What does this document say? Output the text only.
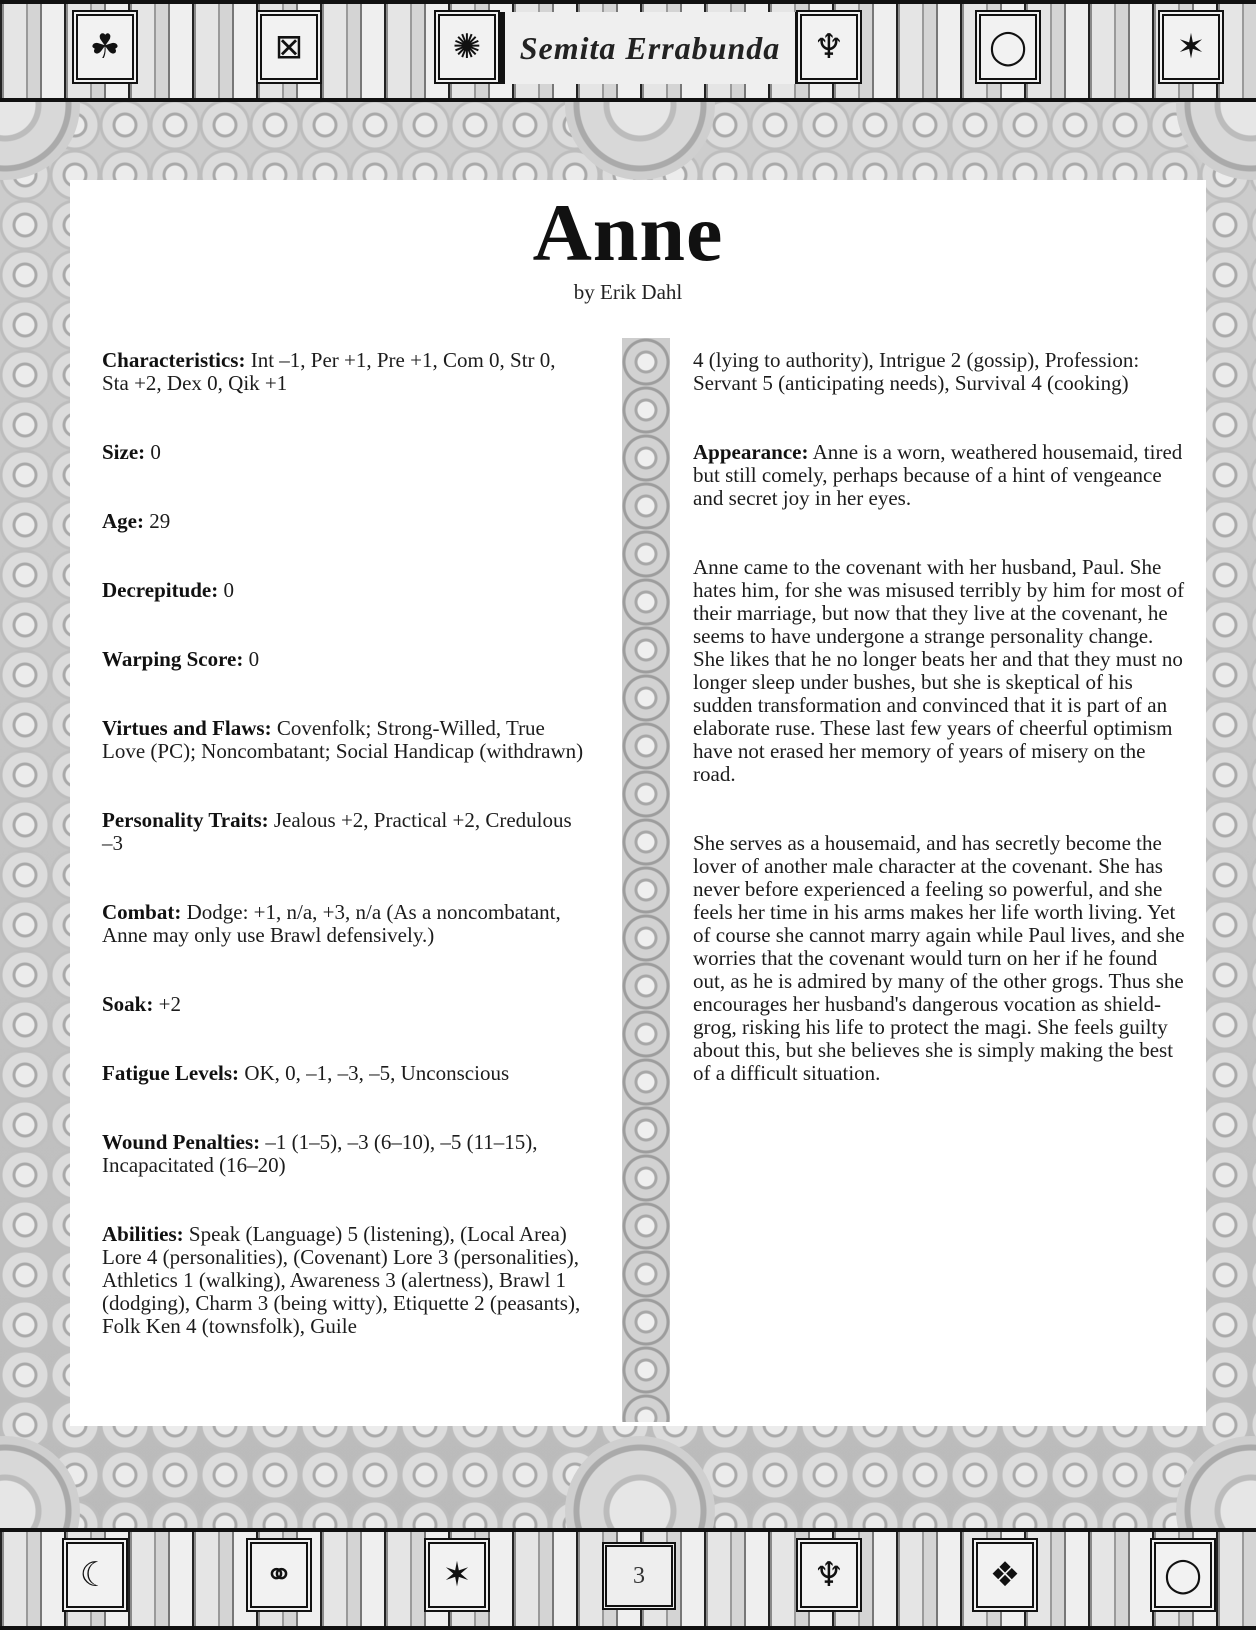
☘	⊠	✺	Semita Errabunda ♆	◯	✶
☾	⚭	✶	3	♆	❖	◯
Anne
by Erik Dahl

Characteristics: Int –1, Per +1, Pre +1, Com 0, Str 0, Sta +2, Dex 0, Qik +1

Size: 0

Age: 29

Decrepitude: 0

Warping Score: 0

Virtues and Flaws: Covenfolk; Strong-Willed, True Love (PC); Noncombatant; Social Handicap (withdrawn)

Personality Traits: Jealous +2, Practical +2, Credulous –3

Combat: Dodge: +1, n/a, +3, n/a (As a noncombatant, Anne may only use Brawl defensively.)

Soak: +2

Fatigue Levels: OK, 0, –1, –3, –5, Unconscious

Wound Penalties: –1 (1–5), –3 (6–10), –5 (11–15), Incapacitated (16–20)

Abilities: Speak (Language) 5 (listening), (Local Area) Lore 4 (personalities), (Covenant) Lore 3 (personalities), Athletics 1 (walking), Awareness 3 (alertness), Brawl 1 (dodging), Charm 3 (being witty), Etiquette 2 (peasants), Folk Ken 4 (townsfolk), Guile

4 (lying to authority), Intrigue 2 (gossip), Profession: Servant 5 (anticipating needs), Survival 4 (cooking)

Appearance: Anne is a worn, weathered housemaid, tired but still comely, perhaps because of a hint of vengeance and secret joy in her eyes.

Anne came to the covenant with her husband, Paul. She hates him, for she was misused terribly by him for most of their marriage, but now that they live at the covenant, he seems to have undergone a strange personality change. She likes that he no longer beats her and that they must no longer sleep under bushes, but she is skeptical of his sudden transformation and convinced that it is part of an elaborate ruse. These last few years of cheerful optimism have not erased her memory of years of misery on the road.

She serves as a housemaid, and has secretly become the lover of another male character at the covenant. She has never before experienced a feeling so powerful, and she feels her time in his arms makes her life worth living. Yet of course she cannot marry again while Paul lives, and she worries that the covenant would turn on her if he found out, as he is admired by many of the other grogs. Thus she encourages her husband's dangerous vocation as shield-grog, risking his life to protect the magi. She feels guilty about this, but she believes she is simply making the best of a difficult situation.
